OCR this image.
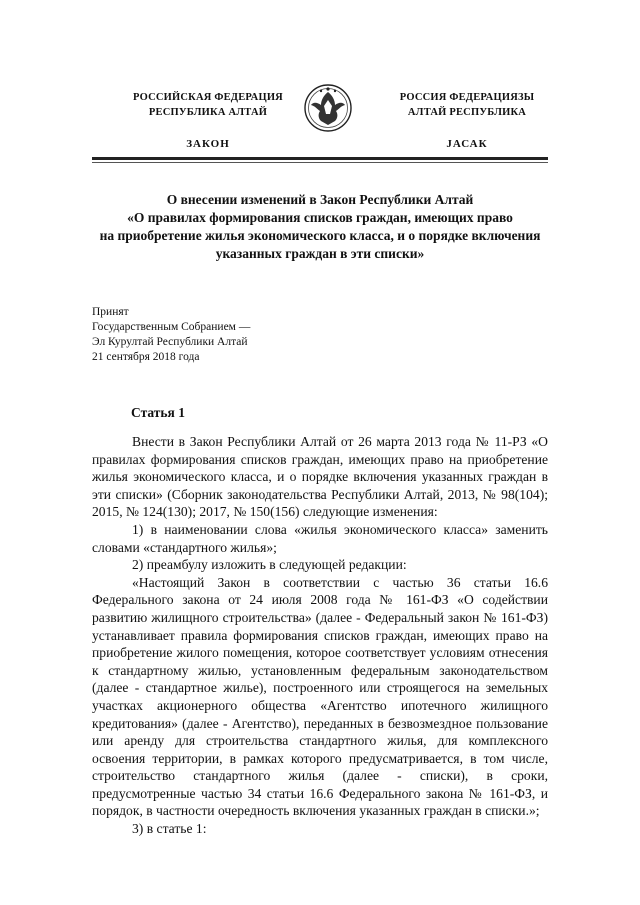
РОССИЙСКАЯ ФЕДЕРАЦИЯ
РЕСПУБЛИКА АЛТАЙ
ЗАКОН
РОССИЯ ФЕДЕРАЦИЯЗЫ
АЛТАЙ РЕСПУБЛИКА
JАСАК
О внесении изменений в Закон Республики Алтай
«О правилах формирования списков граждан, имеющих право
на приобретение жилья экономического класса, и о порядке включения
указанных граждан в эти списки»
Принят
Государственным Собранием —
Эл Курултай Республики Алтай
21 сентября 2018 года
Статья 1

Внести в Закон Республики Алтай от 26 марта 2013 года № 11-РЗ «О правилах формирования списков граждан, имеющих право на приобретение жилья экономического класса, и о порядке включения указанных граждан в эти списки» (Сборник законодательства Республики Алтай, 2013, № 98(104); 2015, № 124(130); 2017, № 150(156) следующие изменения:

1) в наименовании слова «жилья экономического класса» заменить словами «стандартного жилья»;

2) преамбулу изложить в следующей редакции:

«Настоящий Закон в соответствии с частью 36 статьи 16.6 Федерального закона от 24 июля 2008 года № 161-ФЗ «О содействии развитию жилищного строительства» (далее - Федеральный закон № 161-ФЗ) устанавливает правила формирования списков граждан, имеющих право на приобретение жилого помещения, которое соответствует условиям отнесения к стандартному жилью, установленным федеральным законодательством (далее - стандартное жилье), построенного или строящегося на земельных участках акционерного общества «Агентство ипотечного жилищного кредитования» (далее - Агентство), переданных в безвозмездное пользование или аренду для строительства стандартного жилья, для комплексного освоения территории, в рамках которого предусматривается, в том числе, строительство стандартного жилья (далее - списки), в сроки, предусмотренные частью 34 статьи 16.6 Федерального закона № 161-ФЗ, и порядок, в частности очередность включения указанных граждан в списки.»;

3) в статье 1:
